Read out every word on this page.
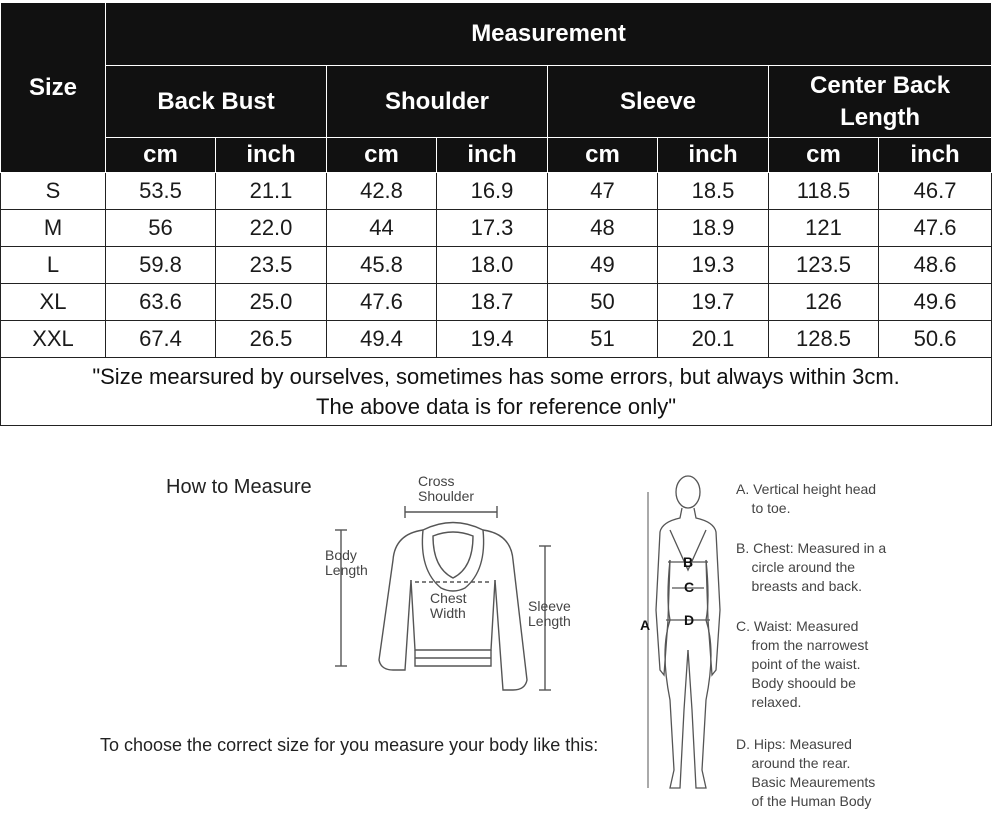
Size	Measurement							
	Back Bust		Shoulder		Sleeve		Center Back
Length	
	cm	inch	cm	inch	cm	inch	cm	inch
S	53.5	21.1	42.8	16.9	47	18.5	118.5	46.7
M	56	22.0	44	17.3	48	18.9	121	47.6
L	59.8	23.5	45.8	18.0	49	19.3	123.5	48.6
XL	63.6	25.0	47.6	18.7	50	19.7	126	49.6
XXL	67.4	26.5	49.4	19.4	51	20.1	128.5	50.6

"Size mearsured by ourselves, sometimes has some errors, but always within 3cm.
The above data is for reference only"								
How to Measure
To choose the correct size for you measure your body like this:
Cross
Shoulder
Body
Length
Chest
Width	Sleeve
Length
B
C
D
A
A. Vertical height head
to toe.
B. Chest: Measured in a
circle around the
breasts and back.
C. Waist: Measured
from the narrowest
point of the waist.
Body shoould be
relaxed.
D. Hips: Measured
around the rear.
Basic Meaurements
of the Human Body
